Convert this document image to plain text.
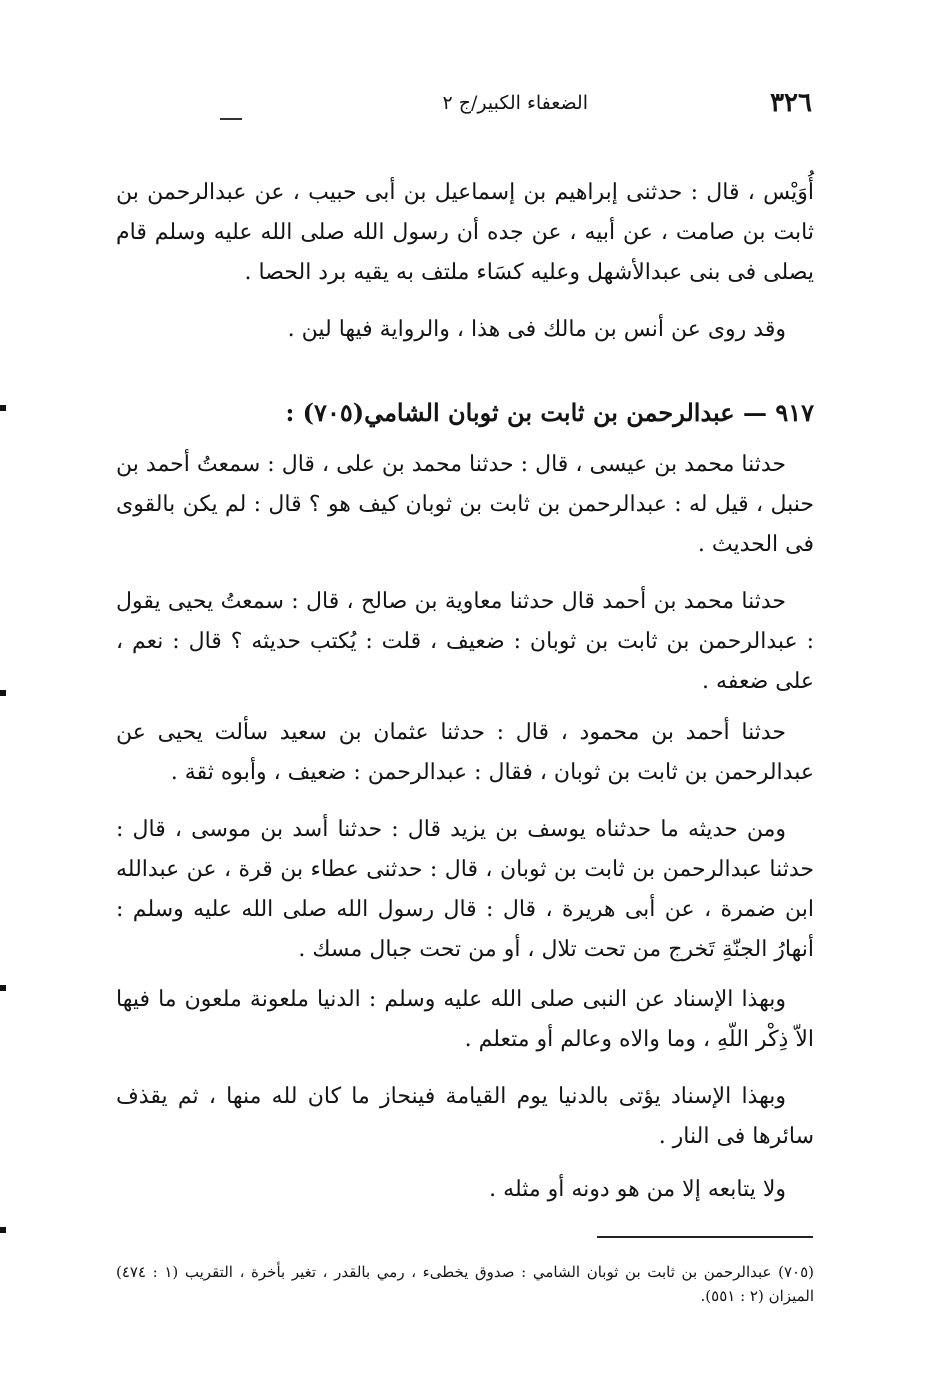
٣٢٦
الضعفاء الكبير/ج ٢

أُوَيْس ، قال : حدثنى إبراهيم بن إسماعيل بن أبى حبيب ، عن عبدالرحمن بن ثابت بن صامت ، عن أبيه ، عن جده أن رسول الله صلى الله عليه وسلم قام يصلى فى بنى عبدالأشهل وعليه كسَاء ملتف به يقيه برد الحصا .

وقد روى عن أنس بن مالك فى هذا ، والرواية فيها لين .

٩١٧ — عبدالرحمن بن ثابت بن ثوبان الشامي(٧٠٥) :

حدثنا محمد بن عيسى ، قال : حدثنا محمد بن على ، قال : سمعتُ أحمد بن حنبل ، قيل له : عبدالرحمن بن ثابت بن ثوبان كيف هو ؟ قال : لم يكن بالقوى فى الحديث .

حدثنا محمد بن أحمد قال حدثنا معاوية بن صالح ، قال : سمعتُ يحيى يقول : عبدالرحمن بن ثابت بن ثوبان : ضعيف ، قلت : يُكتب حديثه ؟ قال : نعم ، على ضعفه .

حدثنا أحمد بن محمود ، قال : حدثنا عثمان بن سعيد سألت يحيى عن عبدالرحمن بن ثابت بن ثوبان ، فقال : عبدالرحمن : ضعيف ، وأبوه ثقة .

ومن حديثه ما حدثناه يوسف بن يزيد قال : حدثنا أسد بن موسى ، قال : حدثنا عبدالرحمن بن ثابت بن ثوبان ، قال : حدثنى عطاء بن قرة ، عن عبدالله ابن ضمرة ، عن أبى هريرة ، قال : قال رسول الله صلى الله عليه وسلم : أنهارُ الجنّةِ تَخرج من تحت تلال ، أو من تحت جبال مسك .

وبهذا الإسناد عن النبى صلى الله عليه وسلم : الدنيا ملعونة ملعون ما فيها الاّ ذِكْر اللّهِ ، وما والاه وعالم أو متعلم .

وبهذا الإسناد يؤتى بالدنيا يوم القيامة فينحاز ما كان لله منها ، ثم يقذف سائرها فى النار .

ولا يتابعه إلا من هو دونه أو مثله .

(٧٠٥) عبدالرحمن بن ثابت بن ثوبان الشامي : صدوق يخطىء ، رمي بالقدر ، تغير بأخرة ، التقريب (١ : ٤٧٤) الميزان (٢ : ٥٥١).
